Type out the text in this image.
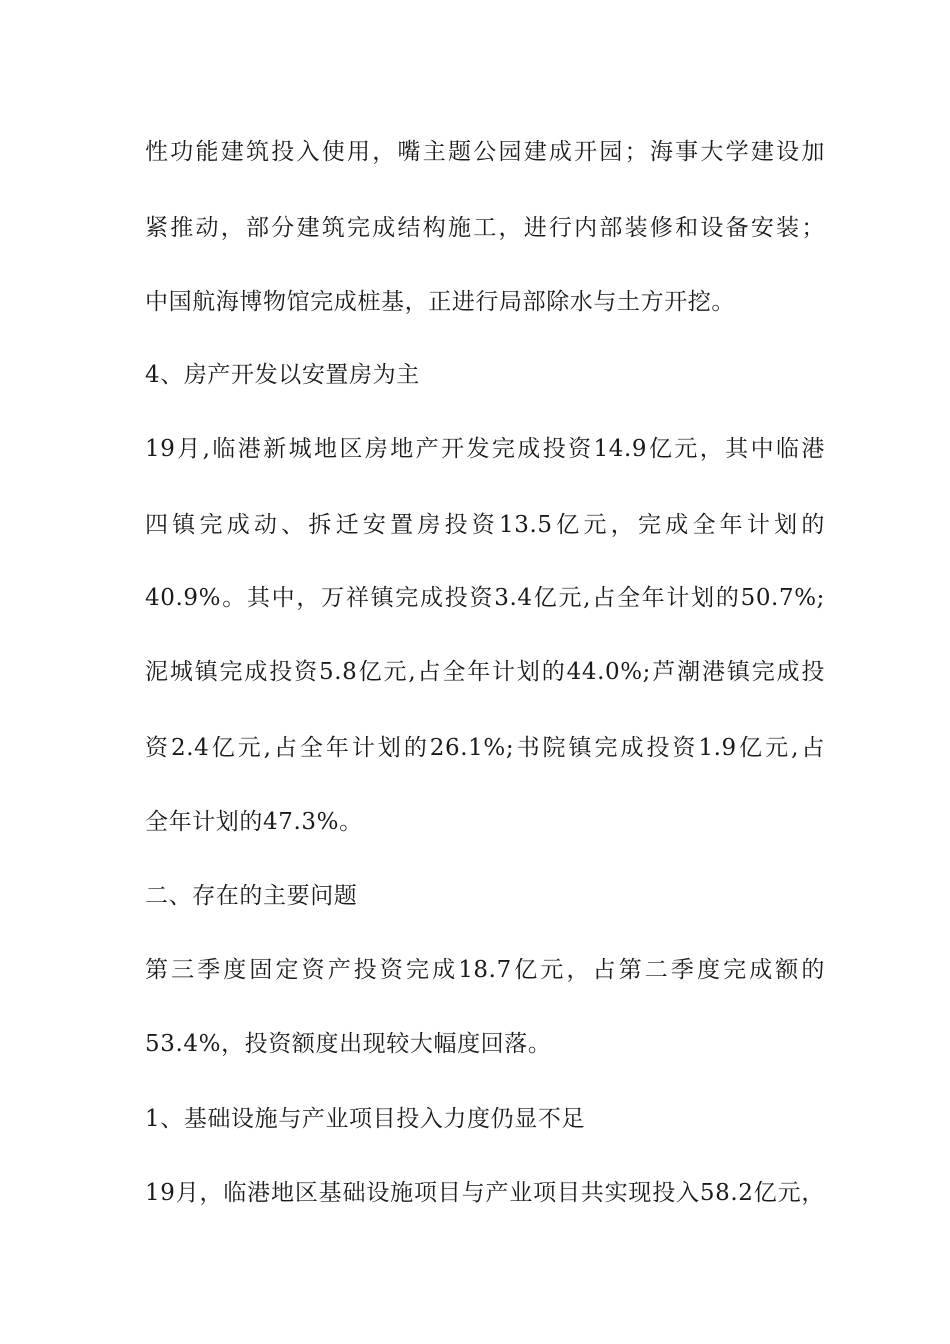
性功能建筑投入使用，嘴主题公园建成开园；海事大学建设加
紧推动，部分建筑完成结构施工，进行内部装修和设备安装；
中国航海博物馆完成桩基，正进行局部除水与土方开挖。
4、房产开发以安置房为主
19月,临港新城地区房地产开发完成投资14.9亿元，其中临港
四镇完成动、拆迁安置房投资13.5亿元，完成全年计划的
40.9%。其中，万祥镇完成投资3.4亿元,占全年计划的50.7%;
泥城镇完成投资5.8亿元,占全年计划的44.0%;芦潮港镇完成投
资2.4亿元,占全年计划的26.1%;书院镇完成投资1.9亿元,占
全年计划的47.3%。
二、存在的主要问题
第三季度固定资产投资完成18.7亿元，占第二季度完成额的
53.4%，投资额度出现较大幅度回落。
1、基础设施与产业项目投入力度仍显不足
19月，临港地区基础设施项目与产业项目共实现投入58.2亿元，
